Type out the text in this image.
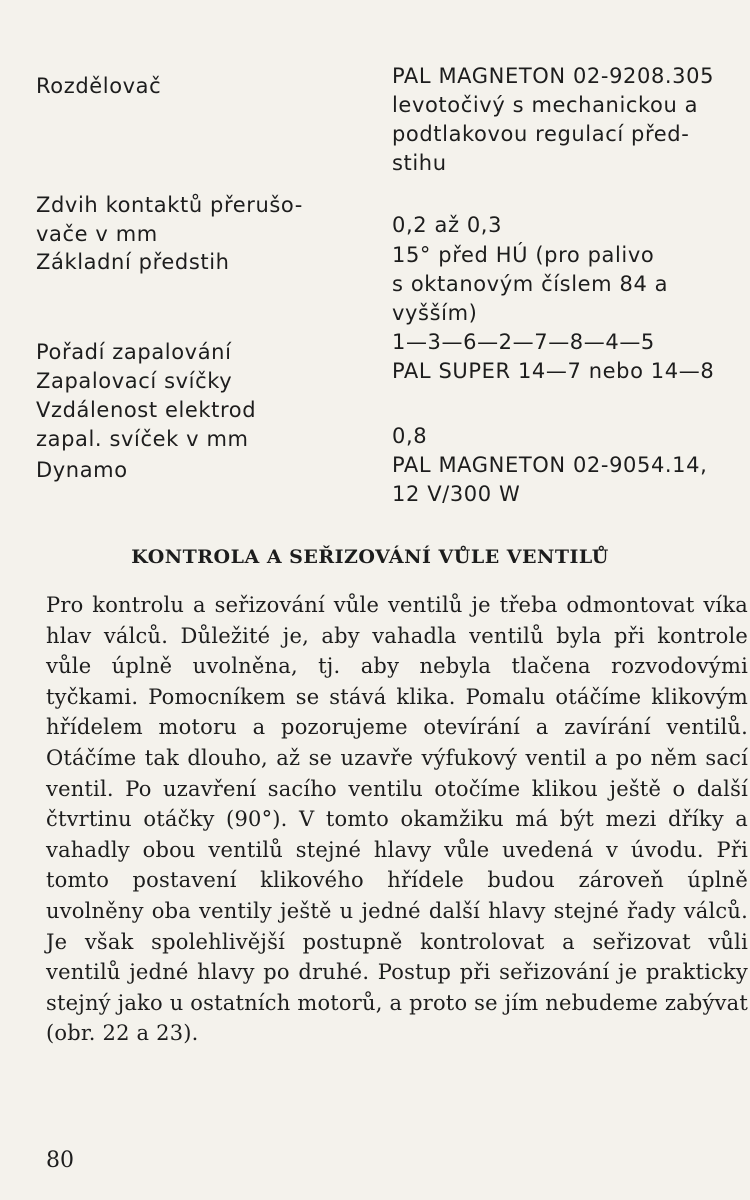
Rozdělovač	PAL MAGNETON 02-9208.305
levotočivý s mechanickou a
podtlakovou regulací před-
stihu
Zdvih kontaktů přerušo-
vače v mm	0,2 až 0,3
Základní předstih	15° před HÚ (pro palivo
s oktanovým číslem 84 a
vyšším)
Pořadí zapalování	1—3—6—2—7—8—4—5
Zapalovací svíčky	PAL SUPER 14—7 nebo 14—8
Vzdálenost elektrod
zapal. svíček v mm	0,8
Dynamo	PAL MAGNETON 02-9054.14,
12 V/300 W
KONTROLA A SEŘIZOVÁNÍ VŮLE VENTILŮ
Pro kontrolu a seřizování vůle ventilů je třeba odmontovat víka hlav válců. Důležité je, aby vahadla ventilů byla při kontrole vůle úplně uvolněna, tj. aby nebyla tlačena rozvodovými tyčkami. Pomocníkem se stává klika. Pomalu otáčíme klikovým hřídelem motoru a pozorujeme otevírání a zavírání ventilů. Otáčíme tak dlouho, až se uzavře výfukový ventil a po něm sací ventil. Po uzavření sacího ventilu otočíme klikou ještě o další čtvrtinu otáčky (90°). V tomto okamžiku má být mezi dříky a vahadly obou ventilů stejné hlavy vůle uvedená v úvodu. Při tomto postavení klikového hřídele budou zároveň úplně uvolněny oba ventily ještě u jedné další hlavy stejné řady válců. Je však spolehlivější postupně kontrolovat a seřizovat vůli ventilů jedné hlavy po druhé. Postup při seřizování je prakticky stejný jako u ostatních motorů, a proto se jím nebudeme zabývat (obr. 22 a 23).
80
